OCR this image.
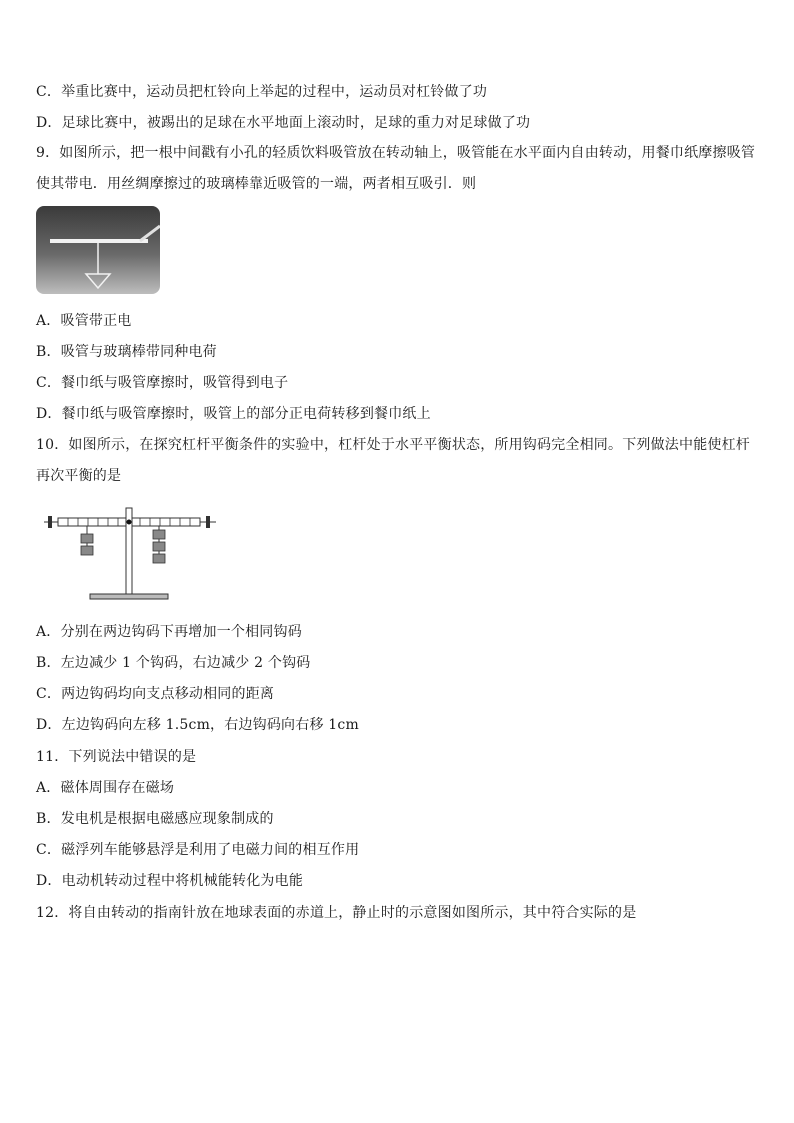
C．举重比赛中，运动员把杠铃向上举起的过程中，运动员对杠铃做了功
D．足球比赛中，被踢出的足球在水平地面上滚动时，足球的重力对足球做了功
9．如图所示，把一根中间戳有小孔的轻质饮料吸管放在转动轴上，吸管能在水平面内自由转动，用餐巾纸摩擦吸管使其带电．用丝绸摩擦过的玻璃棒靠近吸管的一端，两者相互吸引．则
A．吸管带正电
B．吸管与玻璃棒带同种电荷
C．餐巾纸与吸管摩擦时，吸管得到电子
D．餐巾纸与吸管摩擦时，吸管上的部分正电荷转移到餐巾纸上
10．如图所示，在探究杠杆平衡条件的实验中，杠杆处于水平平衡状态，所用钩码完全相同。下列做法中能使杠杆再次平衡的是
A．分别在两边钩码下再增加一个相同钩码
B．左边减少 1 个钩码，右边减少 2 个钩码
C．两边钩码均向支点移动相同的距离
D．左边钩码向左移 1.5cm，右边钩码向右移 1cm
11．下列说法中错误的是
A．磁体周围存在磁场
B．发电机是根据电磁感应现象制成的
C．磁浮列车能够悬浮是利用了电磁力间的相互作用
D．电动机转动过程中将机械能转化为电能
12．将自由转动的指南针放在地球表面的赤道上，静止时的示意图如图所示，其中符合实际的是
